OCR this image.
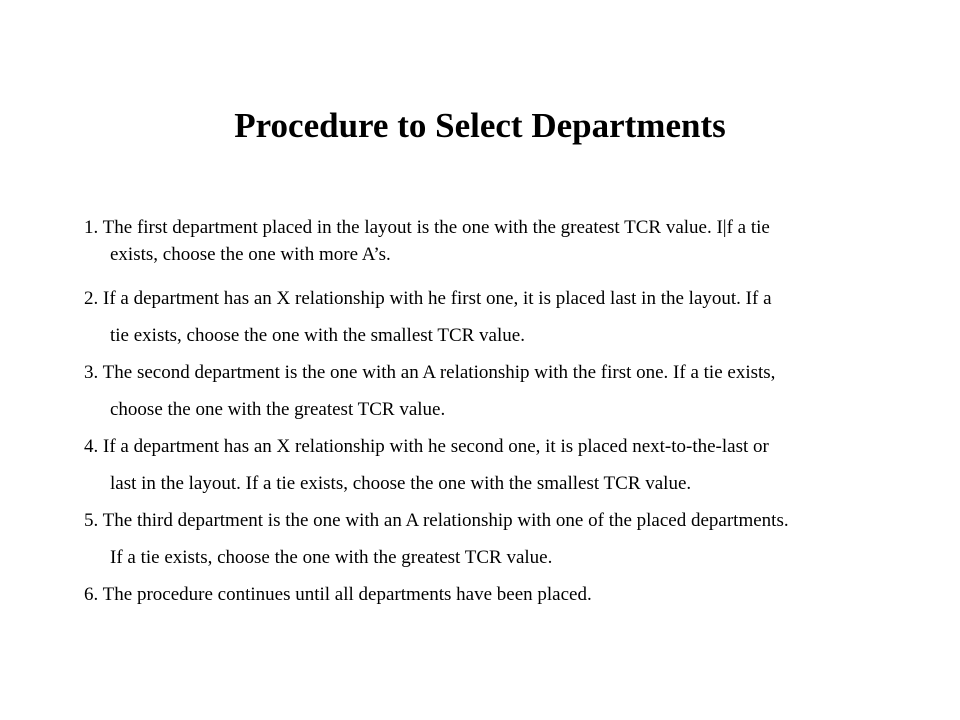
Procedure to Select Departments
1. The first department placed in the layout is the one with the greatest TCR value. I|f a tie
exists, choose the one with more A’s.
2. If a department has an X relationship with he first one, it is placed last in the layout. If a
tie exists, choose the one with the smallest TCR value.
3. The second department is the one with an A relationship with the first one. If a tie exists,
choose the one with the greatest TCR value.
4. If a department has an X relationship with he second one, it is placed next-to-the-last or
last in the layout. If a tie exists, choose the one with the smallest TCR value.
5. The third department is the one with an A relationship with one of the placed departments.
If a tie exists, choose the one with the greatest TCR value.
6. The procedure continues until all departments have been placed.
